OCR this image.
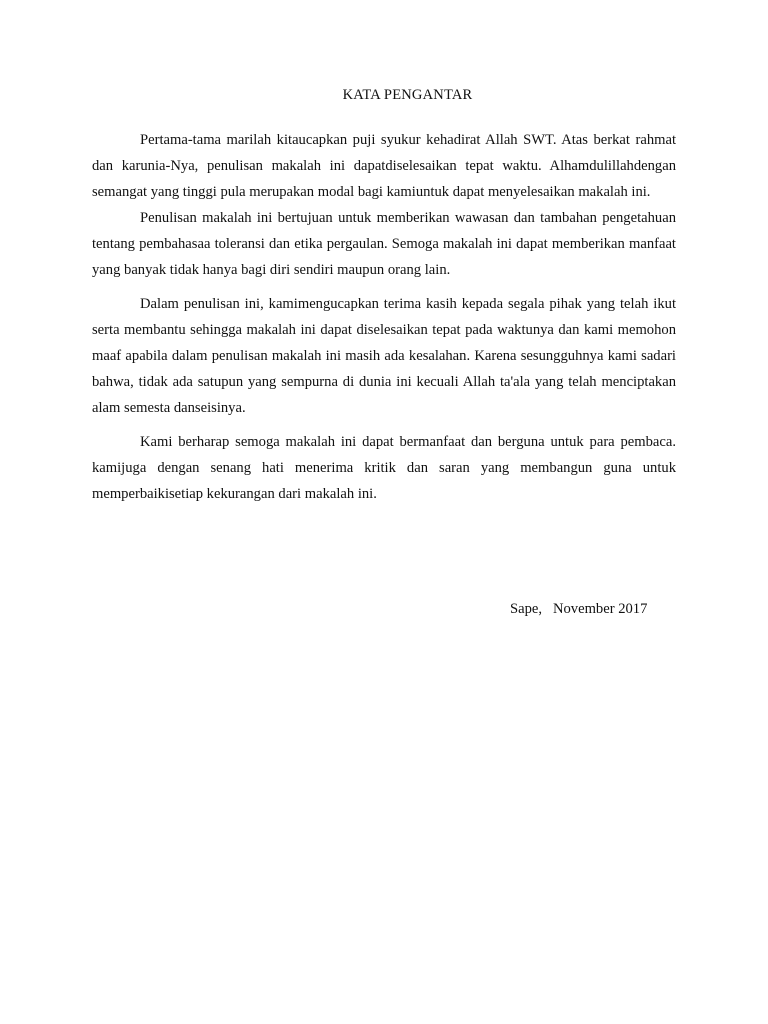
KATA PENGANTAR

Pertama-tama marilah kitaucapkan puji syukur kehadirat Allah SWT. Atas berkat rahmat dan karunia-Nya, penulisan makalah ini dapatdiselesaikan tepat waktu. Alhamdulillahdengan semangat yang tinggi pula merupakan modal bagi kamiuntuk dapat menyelesaikan makalah ini.

Penulisan makalah ini bertujuan untuk memberikan wawasan dan tambahan pengetahuan tentang pembahasaa toleransi dan etika pergaulan. Semoga makalah ini dapat memberikan manfaat yang banyak tidak hanya bagi diri sendiri maupun orang lain.

Dalam penulisan ini, kamimengucapkan terima kasih kepada segala pihak yang telah ikut serta membantu sehingga makalah ini dapat diselesaikan tepat pada waktunya dan kami memohon maaf apabila dalam penulisan makalah ini masih ada kesalahan. Karena sesungguhnya kami sadari bahwa, tidak ada satupun yang sempurna di dunia ini kecuali Allah ta'ala yang telah menciptakan alam semesta danseisinya.

Kami berharap semoga makalah ini dapat bermanfaat dan berguna untuk para pembaca. kamijuga dengan senang hati menerima kritik dan saran yang membangun guna untuk memperbaikisetiap kekurangan dari makalah ini.

Sape,   November 2017
